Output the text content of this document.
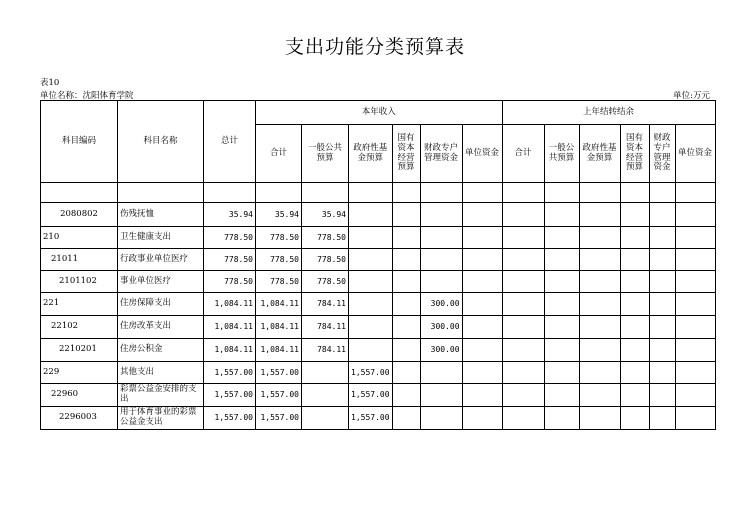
支出功能分类预算表
表10
单位名称：沈阳体育学院	单位:万元
科目编码	科目名称	总计	本年收入						上年结转结余					
			合计	一般公共预算	政府性基金预算	国有资本经营预算	财政专户管理资金	单位资金	合计	一般公共预算	政府性基金预算	国有资本经营预算	财政专户管理资金	单位资金

2080802	伤残抚恤	35.94	35.94	35.94										
210	卫生健康支出	778.50	778.50	778.50										
21011	行政事业单位医疗	778.50	778.50	778.50										
2101102	事业单位医疗	778.50	778.50	778.50										
221	住房保障支出	1,084.11	1,084.11	784.11			300.00							
22102	住房改革支出	1,084.11	1,084.11	784.11			300.00							
2210201	住房公积金	1,084.11	1,084.11	784.11			300.00							
229	其他支出	1,557.00	1,557.00		1,557.00									
22960	彩票公益金安排的支出	1,557.00	1,557.00		1,557.00									
2296003	用于体育事业的彩票公益金支出	1,557.00	1,557.00		1,557.00									
